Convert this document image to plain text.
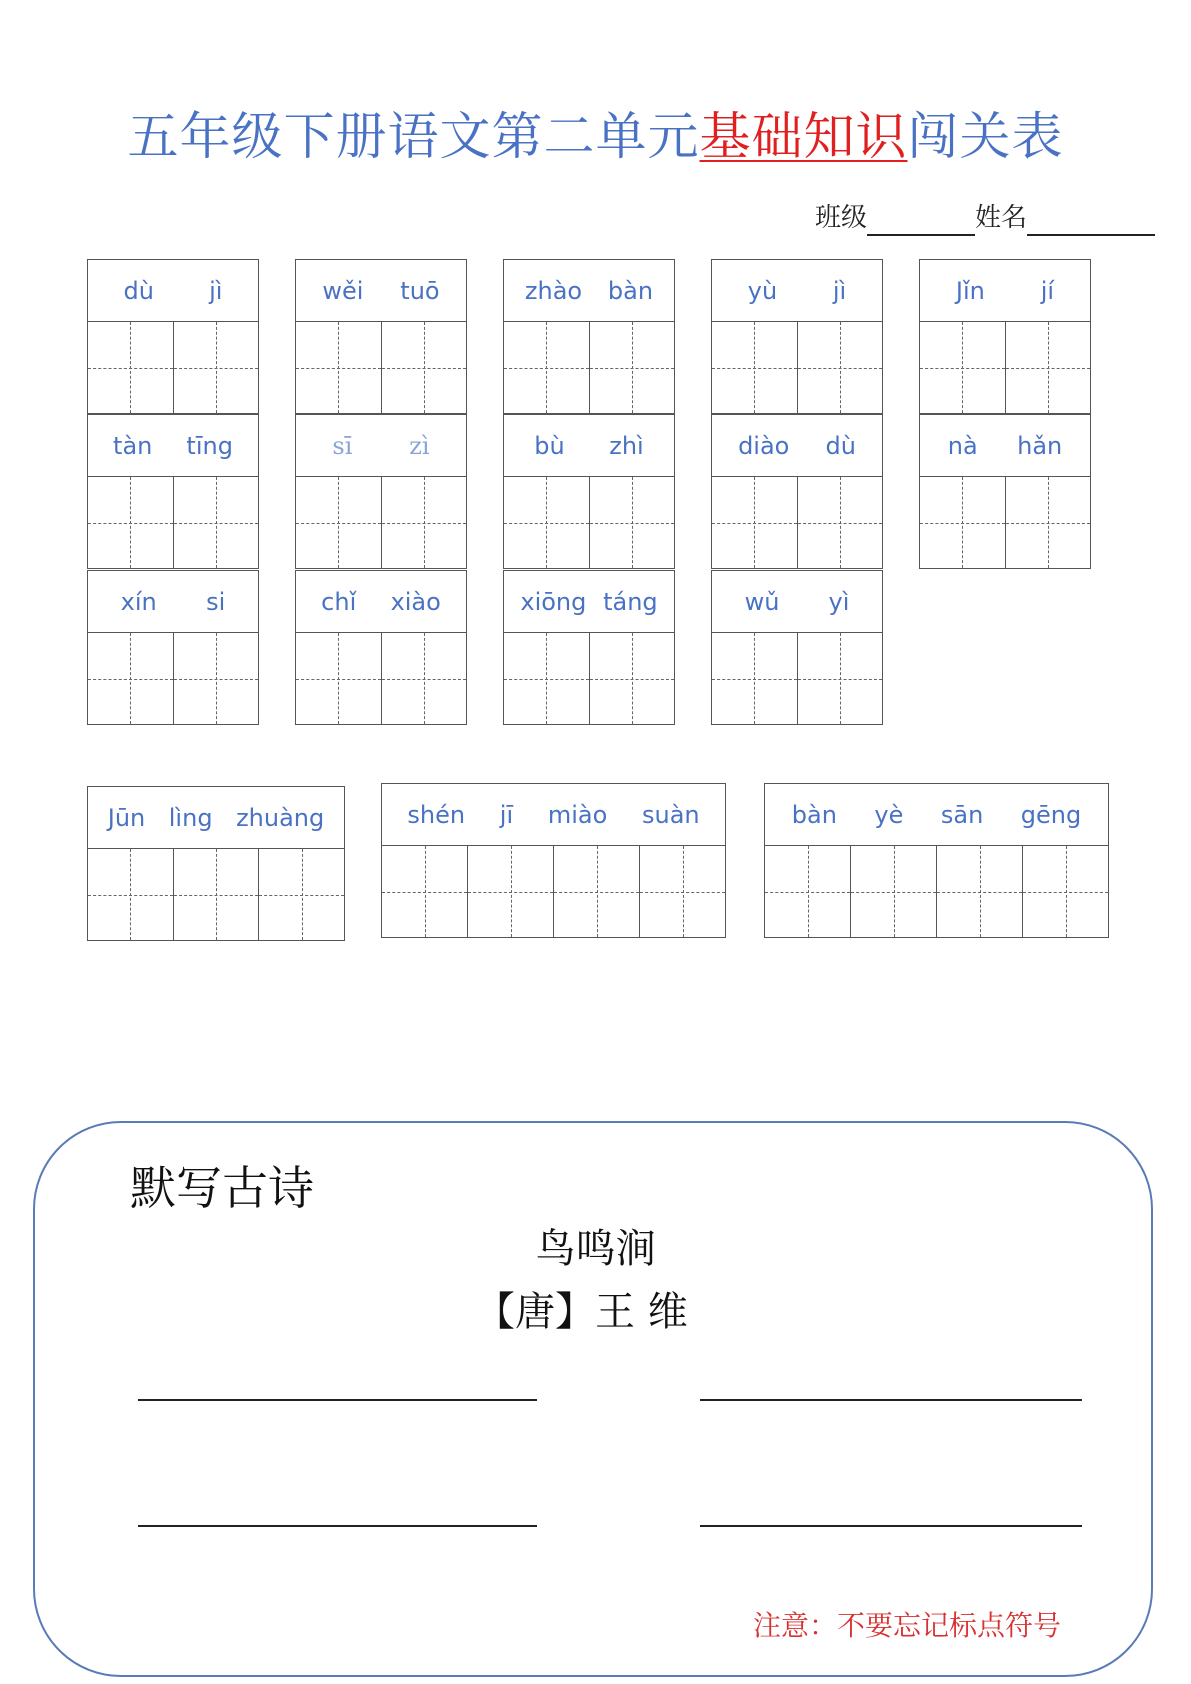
五年级下册语文第二单元基础知识闯关表
班级	姓名
dù jì	wěi tuō	zhào bàn	yù jì	Jǐn jí
tàn tīng	sī zì	bù zhì	diào dù	nà hǎn
xín si	chǐ xiào	xiōng táng	wǔ yì
Jūn lìng zhuàng	shén jī miào suàn	bàn yè sān gēng
默写古诗
鸟鸣涧
【唐】王 维
注意：不要忘记标点符号
